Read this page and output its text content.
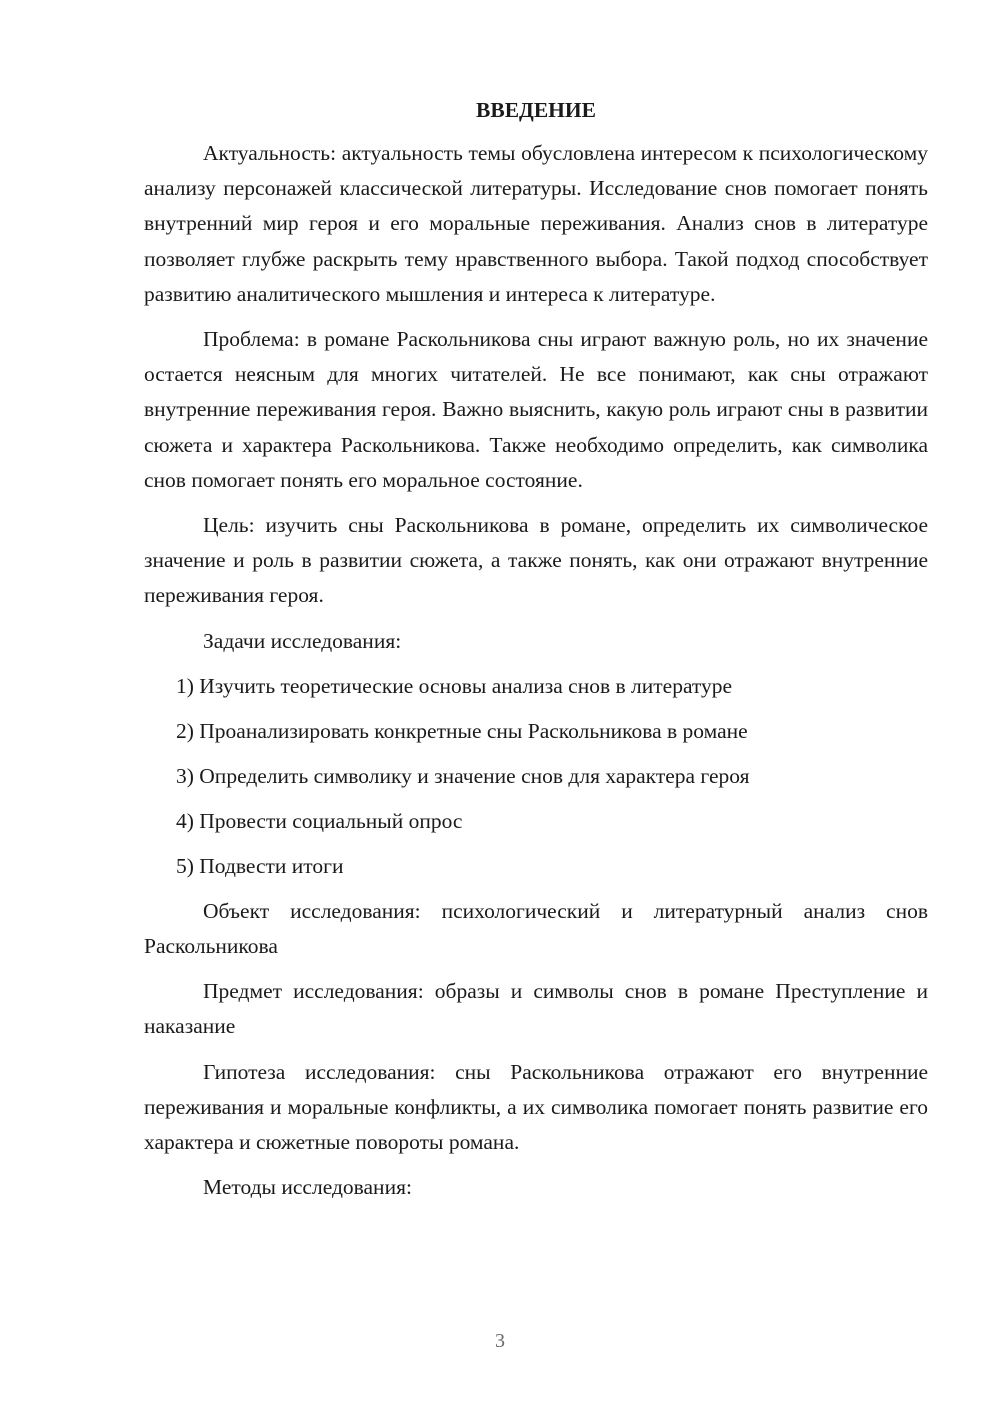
ВВЕДЕНИЕ

Актуальность: актуальность темы обусловлена интересом к психологическому анализу персонажей классической литературы. Исследование снов помогает понять внутренний мир героя и его моральные переживания. Анализ снов в литературе позволяет глубже раскрыть тему нравственного выбора. Такой подход способствует развитию аналитического мышления и интереса к литературе.

Проблема: в романе Раскольникова сны играют важную роль, но их значение остается неясным для многих читателей. Не все понимают, как сны отражают внутренние переживания героя. Важно выяснить, какую роль играют сны в развитии сюжета и характера Раскольникова. Также необходимо определить, как символика снов помогает понять его моральное состояние.

Цель: изучить сны Раскольникова в романе, определить их символическое значение и роль в развитии сюжета, а также понять, как они отражают внутренние переживания героя.

Задачи исследования:

1) Изучить теоретические основы анализа снов в литературе
2) Проанализировать конкретные сны Раскольникова в романе
3) Определить символику и значение снов для характера героя
4) Провести социальный опрос
5) Подвести итоги

Объект исследования: психологический и литературный анализ снов Раскольникова

Предмет исследования: образы и символы снов в романе Преступление и наказание

Гипотеза исследования: сны Раскольникова отражают его внутренние переживания и моральные конфликты, а их символика помогает понять развитие его характера и сюжетные повороты романа.

Методы исследования:

3
